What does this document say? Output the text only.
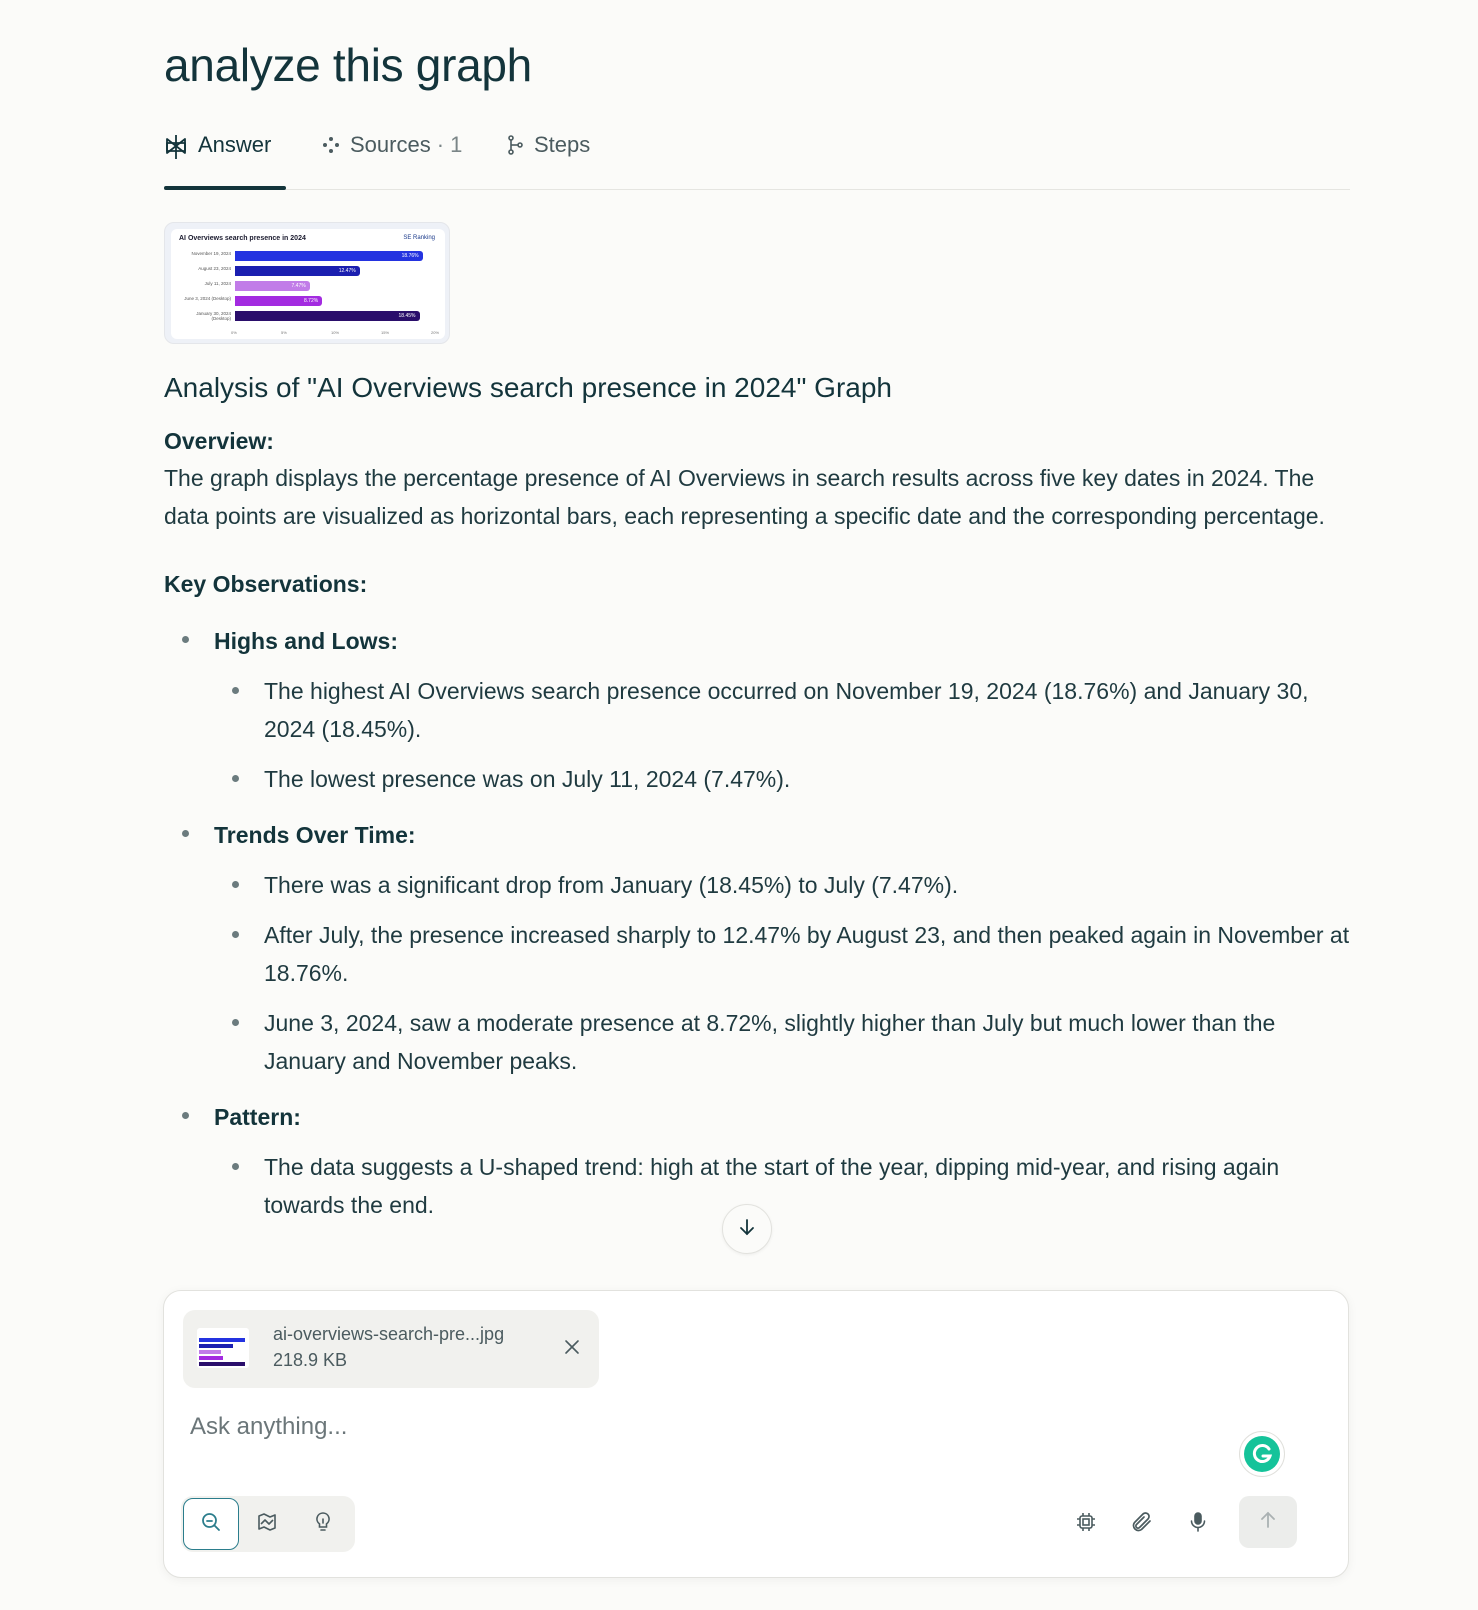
analyze this graph
Answer	Sources · 1	Steps
AI Overviews search presence in 2024	SE Ranking
November 19, 2024	18.76%
August 23, 2024	12.47%
July 11, 2024	7.47%
June 3, 2024 (Desktop)	8.72%
January 30, 2024 (Desktop)	18.45%
0%	5%	10%	15%	20%
Analysis of "AI Overviews search presence in 2024" Graph
Overview:

The graph displays the percentage presence of AI Overviews in search results across five key dates in 2024. The data points are visualized as horizontal bars, each representing a specific date and the corresponding percentage.

Key Observations:
Highs and Lows:
The highest AI Overviews search presence occurred on November 19, 2024 (18.76%) and January 30, 2024 (18.45%).
The lowest presence was on July 11, 2024 (7.47%).
Trends Over Time:
There was a significant drop from January (18.45%) to July (7.47%).
After July, the presence increased sharply to 12.47% by August 23, and then peaked again in November at 18.76%.
June 3, 2024, saw a moderate presence at 8.72%, slightly higher than July but much lower than the January and November peaks.
Pattern:
The data suggests a U-shaped trend: high at the start of the year, dipping mid-year, and rising again towards the end.
ai-overviews-search-pre...jpg
218.9 KB
Ask anything...
